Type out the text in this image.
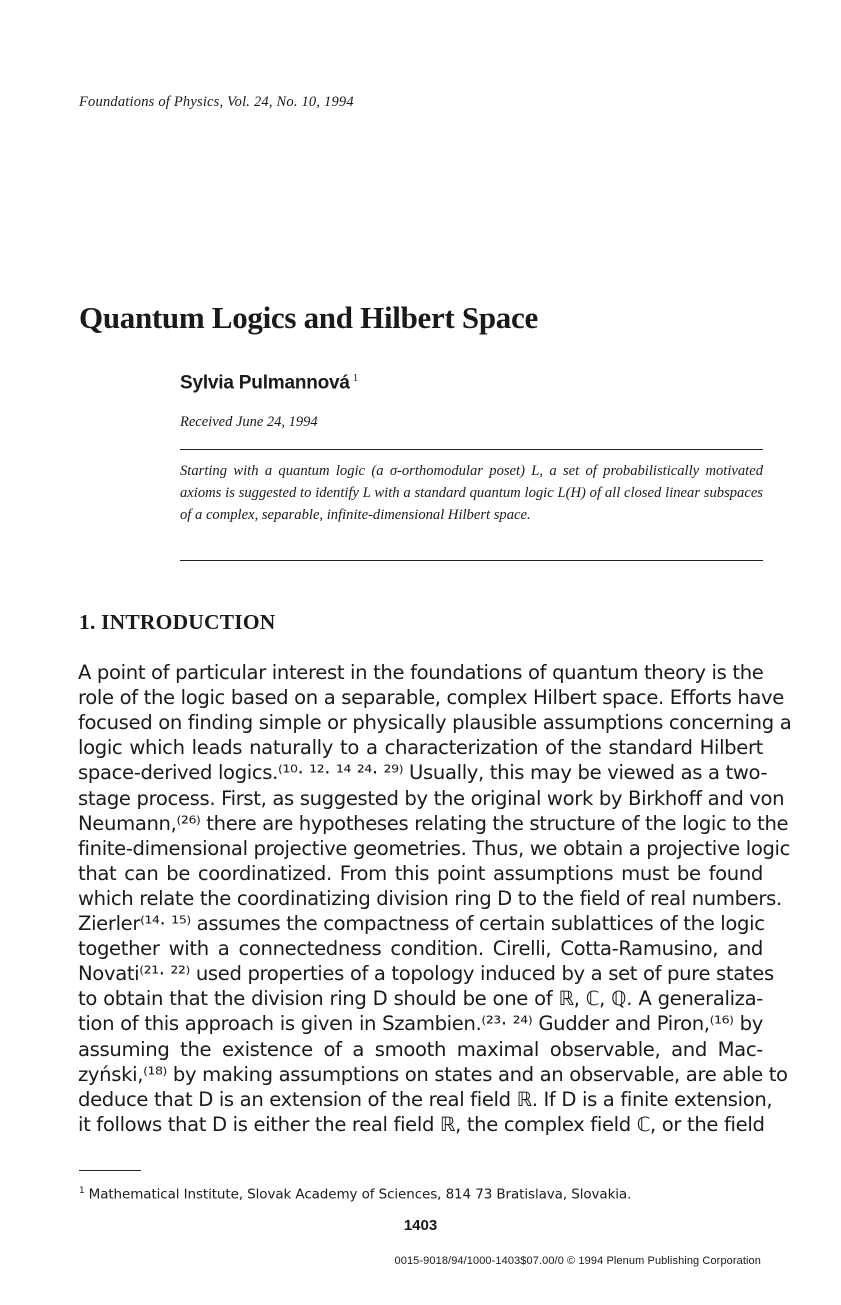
Foundations of Physics, Vol. 24, No. 10, 1994
Quantum Logics and Hilbert Space
Sylvia Pulmannová $^1$
Received June 24, 1994
Starting with a quantum logic (a σ-orthomodular poset) L, a set of probabilistically motivated axioms is suggested to identify L with a standard quantum logic L(H) of all closed linear subspaces of a complex, separable, infinite-dimensional Hilbert space.
1. INTRODUCTION
A point of particular interest in the foundations of quantum theory is the
role of the logic based on a separable, complex Hilbert space. Efforts have
focused on finding simple or physically plausible assumptions concerning a
logic which leads naturally to a characterization of the standard Hilbert
space-derived logics.⁽¹⁰· ¹²· ¹⁴ ²⁴· ²⁹⁾ Usually, this may be viewed as a two-
stage process. First, as suggested by the original work by Birkhoff and von
Neumann,⁽²⁶⁾ there are hypotheses relating the structure of the logic to the
finite-dimensional projective geometries. Thus, we obtain a projective logic
that can be coordinatized. From this point assumptions must be found
which relate the coordinatizing division ring D to the field of real numbers.
Zierler⁽¹⁴· ¹⁵⁾ assumes the compactness of certain sublattices of the logic
together with a connectedness condition. Cirelli, Cotta-Ramusino, and
Novati⁽²¹· ²²⁾ used properties of a topology induced by a set of pure states
to obtain that the division ring D should be one of ℝ, ℂ, ℚ. A generaliza-
tion of this approach is given in Szambien.⁽²³· ²⁴⁾ Gudder and Piron,⁽¹⁶⁾ by
assuming the existence of a smooth maximal observable, and Mac-
zyński,⁽¹⁸⁾ by making assumptions on states and an observable, are able to
deduce that D is an extension of the real field ℝ. If D is a finite extension,
it follows that D is either the real field ℝ, the complex field ℂ, or the field
$^1$ Mathematical Institute, Slovak Academy of Sciences, 814 73 Bratislava, Slovakia.
1403
0015-9018/94/1000-1403$07.00/0 © 1994 Plenum Publishing Corporation
